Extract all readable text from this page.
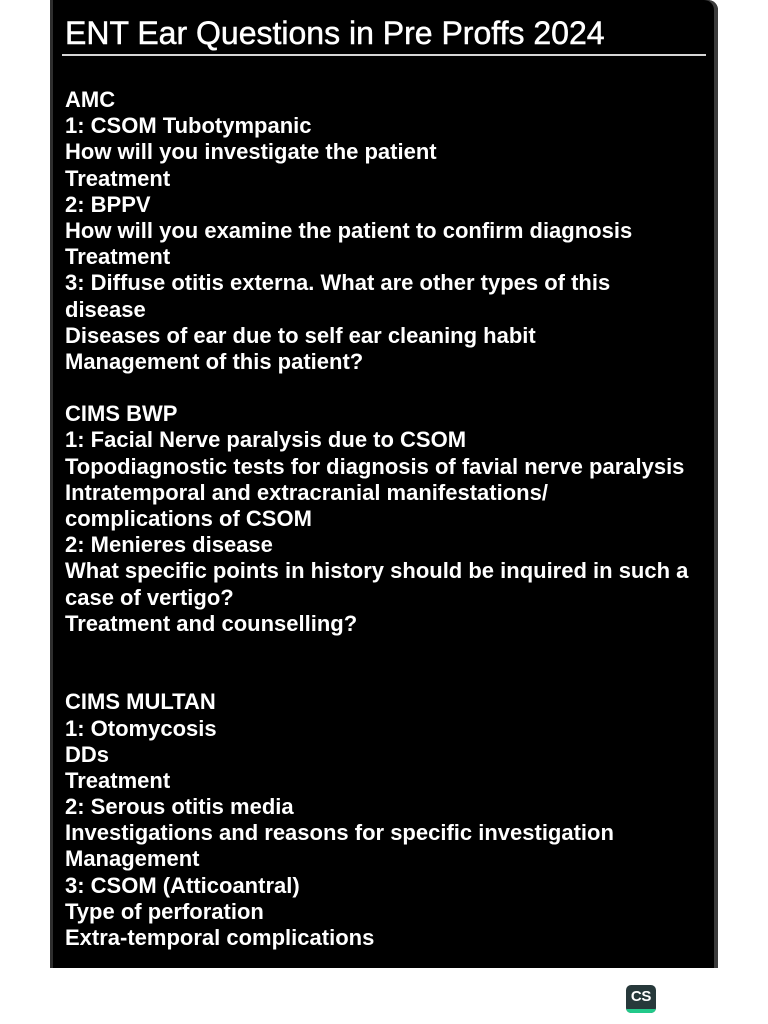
ENT Ear Questions in Pre Proffs 2024
AMC
1: CSOM Tubotympanic
How will you investigate the patient
Treatment
2: BPPV
How will you examine the patient to confirm diagnosis
Treatment
3: Diffuse otitis externa. What are other types of this
disease
Diseases of ear due to self ear cleaning habit
Management of this patient?
CIMS BWP
1: Facial Nerve paralysis due to CSOM
Topodiagnostic tests for diagnosis of favial nerve paralysis
Intratemporal and extracranial manifestations/
complications of CSOM
2: Menieres disease
What specific points in history should be inquired in such a
case of vertigo?
Treatment and counselling?
CIMS MULTAN
1: Otomycosis
DDs
Treatment
2: Serous otitis media
Investigations and reasons for specific investigation
Management
3: CSOM (Atticoantral)
Type of perforation
Extra-temporal complications
CS
